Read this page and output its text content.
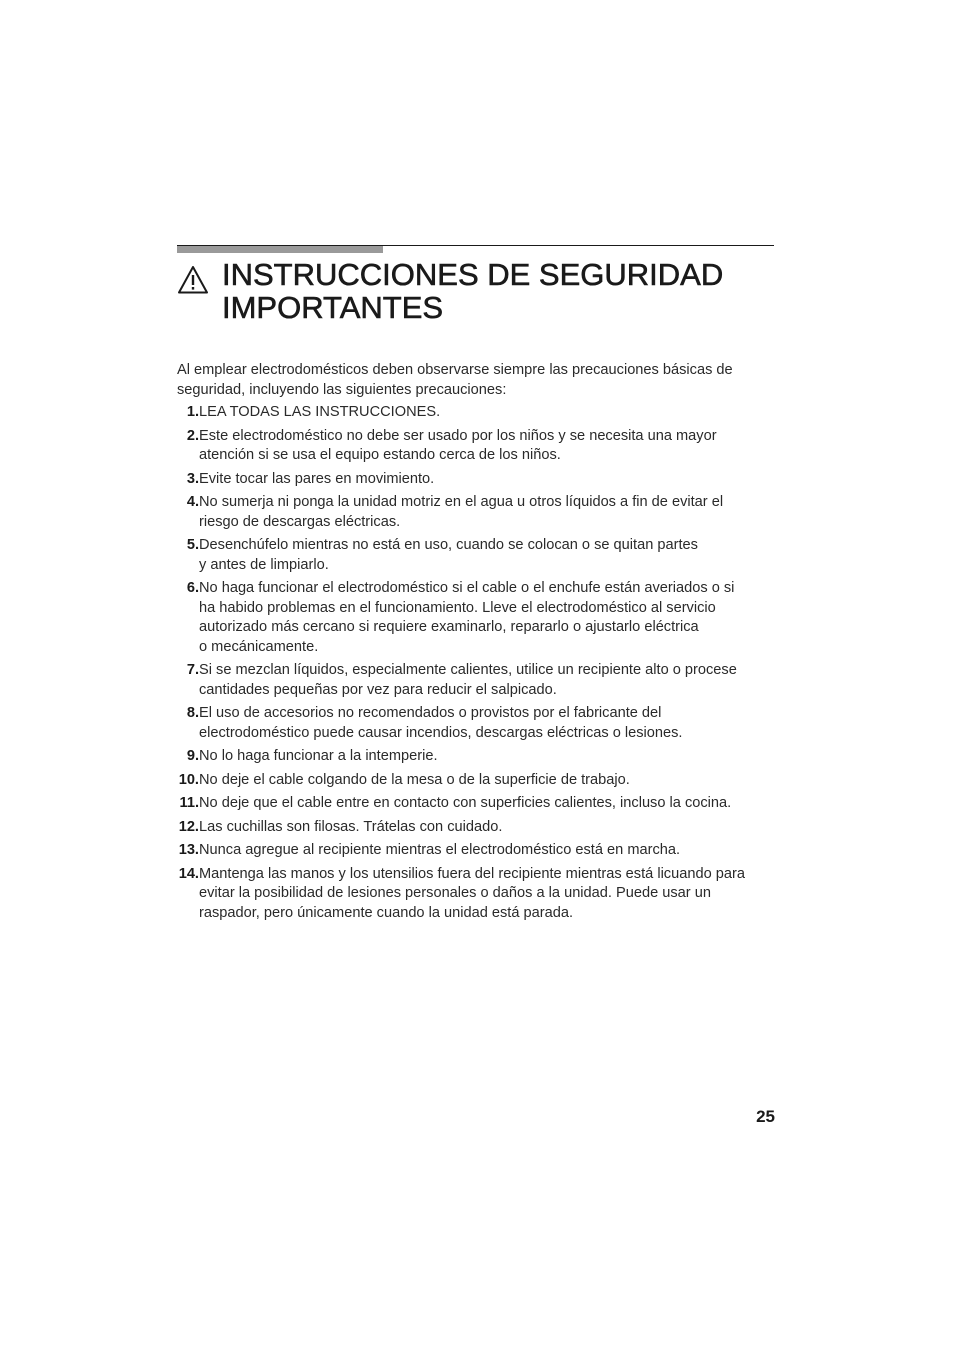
INSTRUCCIONES DE SEGURIDAD
IMPORTANTES

Al emplear electrodomésticos deben observarse siempre las precauciones básicas de seguridad, incluyendo las siguientes precauciones:

1. LEA TODAS LAS INSTRUCCIONES.
2. Este electrodoméstico no debe ser usado por los niños y se necesita una mayor
atención si se usa el equipo estando cerca de los niños.
3. Evite tocar las pares en movimiento.
4. No sumerja ni ponga la unidad motriz en el agua u otros líquidos a fin de evitar el
riesgo de descargas eléctricas.
5. Desenchúfelo mientras no está en uso, cuando se colocan o se quitan partes
y antes de limpiarlo.
6. No haga funcionar el electrodoméstico si el cable o el enchufe están averiados o si
ha habido problemas en el funcionamiento. Lleve el electrodoméstico al servicio
autorizado más cercano si requiere examinarlo, repararlo o ajustarlo eléctrica
o mecánicamente.
7. Si se mezclan líquidos, especialmente calientes, utilice un recipiente alto o procese
cantidades pequeñas por vez para reducir el salpicado.
8. El uso de accesorios no recomendados o provistos por el fabricante del
electrodoméstico puede causar incendios, descargas eléctricas o lesiones.
9. No lo haga funcionar a la intemperie.
10. No deje el cable colgando de la mesa o de la superficie de trabajo.
11. No deje que el cable entre en contacto con superficies calientes, incluso la cocina.
12. Las cuchillas son filosas. Trátelas con cuidado.
13. Nunca agregue al recipiente mientras el electrodoméstico está en marcha.
14. Mantenga las manos y los utensilios fuera del recipiente mientras está licuando para
evitar la posibilidad de lesiones personales o daños a la unidad. Puede usar un
raspador, pero únicamente cuando la unidad está parada.
25
